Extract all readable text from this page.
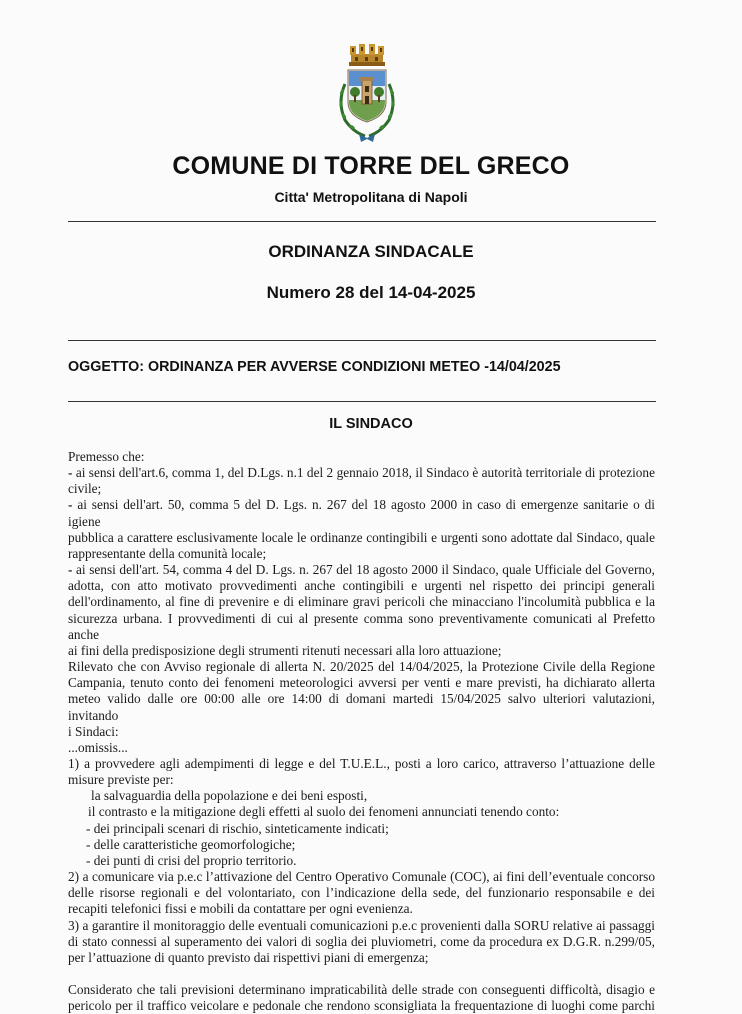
COMUNE DI TORRE DEL GRECO
Citta' Metropolitana di Napoli
ORDINANZA SINDACALE
Numero 28 del 14-04-2025
OGGETTO: ORDINANZA PER AVVERSE CONDIZIONI METEO -14/04/2025
IL SINDACO

Premesso che:

- ai sensi dell'art.6, comma 1, del D.Lgs. n.1 del 2 gennaio 2018, il Sindaco è autorità territoriale di protezione

civile;

- ai sensi dell'art. 50, comma 5 del D. Lgs. n. 267 del 18 agosto 2000 in caso di emergenze sanitarie o di igiene

pubblica a carattere esclusivamente locale le ordinanze contingibili e urgenti sono adottate dal Sindaco, quale

rappresentante della comunità locale;

- ai sensi dell'art. 54, comma 4 del D. Lgs. n. 267 del 18 agosto 2000 il Sindaco, quale Ufficiale del Governo,

adotta, con atto motivato provvedimenti anche contingibili e urgenti nel rispetto dei principi generali

dell'ordinamento, al fine di prevenire e di eliminare gravi pericoli che minacciano l'incolumità pubblica e la

sicurezza urbana. I provvedimenti di cui al presente comma sono preventivamente comunicati al Prefetto anche

ai fini della predisposizione degli strumenti ritenuti necessari alla loro attuazione;

Rilevato che con Avviso regionale di allerta N. 20/2025 del 14/04/2025, la Protezione Civile della Regione

Campania, tenuto conto dei fenomeni meteorologici avversi per venti e mare previsti, ha dichiarato allerta

meteo valido dalle ore 00:00 alle ore 14:00 di domani martedi 15/04/2025 salvo ulteriori valutazioni, invitando

i Sindaci:

...omissis...

1) a provvedere agli adempimenti di legge e del T.U.E.L., posti a loro carico, attraverso l’attuazione delle

misure previste per:

la salvaguardia della popolazione e dei beni esposti,

il contrasto e la mitigazione degli effetti al suolo dei fenomeni annunciati tenendo conto:

- dei principali scenari di rischio, sinteticamente indicati;

- delle caratteristiche geomorfologiche;

- dei punti di crisi del proprio territorio.

2) a comunicare via p.e.c l’attivazione del Centro Operativo Comunale (COC), ai fini dell’eventuale concorso

delle risorse regionali e del volontariato, con l’indicazione della sede, del funzionario responsabile e dei

recapiti telefonici fissi e mobili da contattare per ogni evenienza.

3) a garantire il monitoraggio delle eventuali comunicazioni p.e.c provenienti dalla SORU relative ai passaggi

di stato connessi al superamento dei valori di soglia dei pluviometri, come da procedura ex D.G.R. n.299/05,

per l’attuazione di quanto previsto dai rispettivi piani di emergenza;

Considerato che tali previsioni determinano impraticabilità delle strade con conseguenti difficoltà, disagio e

pericolo per il traffico veicolare e pedonale che rendono sconsigliata la frequentazione di luoghi come parchi
